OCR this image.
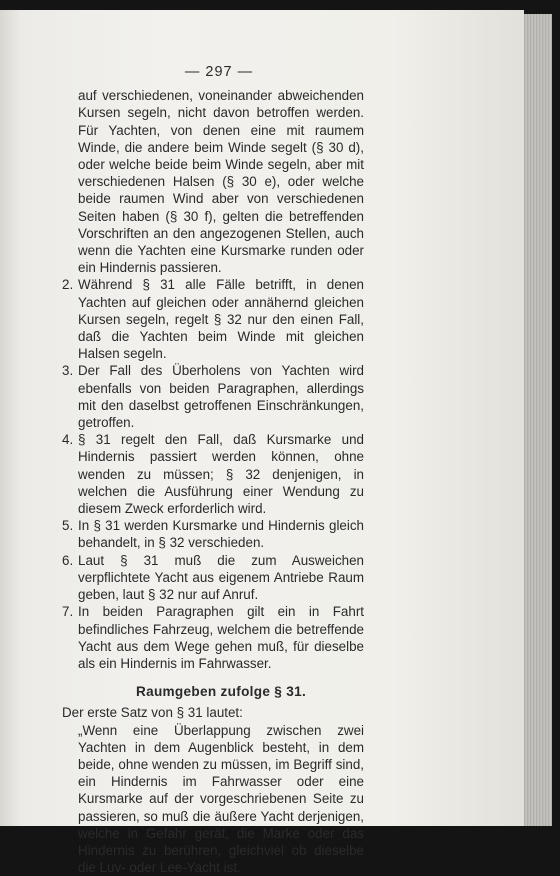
— 297 —
auf verschiedenen, voneinander abweichenden Kursen segeln, nicht davon betroffen werden. Für Yachten, von denen eine mit raumem Winde, die andere beim Winde segelt (§ 30 d), oder welche beide beim Winde segeln, aber mit verschiedenen Halsen (§ 30 e), oder welche beide raumen Wind aber von verschiedenen Seiten haben (§ 30 f), gelten die betreffenden Vorschriften an den angezogenen Stellen, auch wenn die Yachten eine Kursmarke runden oder ein Hindernis passieren.
2. Während § 31 alle Fälle betrifft, in denen Yachten auf gleichen oder annähernd gleichen Kursen segeln, regelt § 32 nur den einen Fall, daß die Yachten beim Winde mit gleichen Halsen segeln.
3. Der Fall des Überholens von Yachten wird ebenfalls von beiden Paragraphen, allerdings mit den daselbst getroffenen Einschränkungen, getroffen.
4. § 31 regelt den Fall, daß Kursmarke und Hindernis passiert werden können, ohne wenden zu müssen; § 32 denjenigen, in welchen die Ausführung einer Wendung zu diesem Zweck erforderlich wird.
5. In § 31 werden Kursmarke und Hindernis gleich behandelt, in § 32 verschieden.
6. Laut § 31 muß die zum Ausweichen verpflichtete Yacht aus eigenem Antriebe Raum geben, laut § 32 nur auf Anruf.
7. In beiden Paragraphen gilt ein in Fahrt befindliches Fahrzeug, welchem die betreffende Yacht aus dem Wege gehen muß, für dieselbe als ein Hindernis im Fahrwasser.
Raumgeben zufolge § 31.

Der erste Satz von § 31 lautet:

„Wenn eine Überlappung zwischen zwei Yachten in dem Augenblick besteht, in dem beide, ohne wenden zu müssen, im Begriff sind, ein Hindernis im Fahrwasser oder eine Kursmarke auf der vorgeschriebenen Seite zu passieren, so muß die äußere Yacht derjenigen, welche in Gefahr gerät, die Marke oder das Hindernis zu berühren, gleichviel ob dieselbe die Luv- oder Lee-Yacht ist.
